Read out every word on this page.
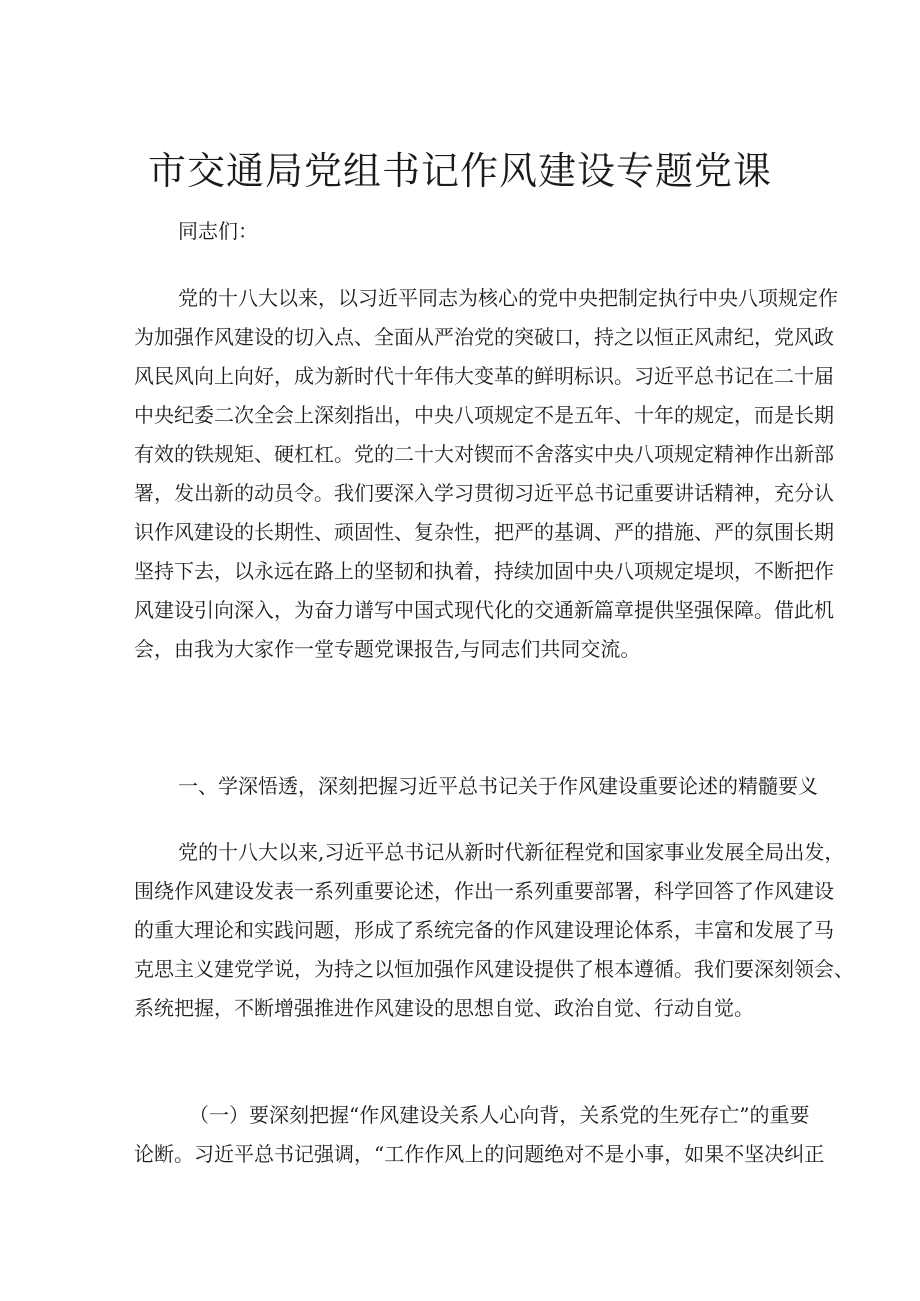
市交通局党组书记作风建设专题党课

同志们：

党的十八大以来，以习近平同志为核心的党中央把制定执行中央八项规定作
为加强作风建设的切入点、全面从严治党的突破口，持之以恒正风肃纪，党风政
风民风向上向好，成为新时代十年伟大变革的鲜明标识。习近平总书记在二十届
中央纪委二次全会上深刻指出，中央八项规定不是五年、十年的规定，而是长期
有效的铁规矩、硬杠杠。党的二十大对锲而不舍落实中央八项规定精神作出新部
署，发出新的动员令。我们要深入学习贯彻习近平总书记重要讲话精神，充分认
识作风建设的长期性、顽固性、复杂性，把严的基调、严的措施、严的氛围长期
坚持下去，以永远在路上的坚韧和执着，持续加固中央八项规定堤坝，不断把作
风建设引向深入，为奋力谱写中国式现代化的交通新篇章提供坚强保障。借此机
会，由我为大家作一堂专题党课报告,与同志们共同交流。

一、学深悟透，深刻把握习近平总书记关于作风建设重要论述的精髓要义

党的十八大以来,习近平总书记从新时代新征程党和国家事业发展全局出发，
围绕作风建设发表一系列重要论述，作出一系列重要部署，科学回答了作风建设
的重大理论和实践问题，形成了系统完备的作风建设理论体系，丰富和发展了马
克思主义建党学说，为持之以恒加强作风建设提供了根本遵循。我们要深刻领会、
系统把握，不断增强推进作风建设的思想自觉、政治自觉、行动自觉。

（一）要深刻把握“作风建设关系人心向背，关系党的生死存亡”的重要
论断。习近平总书记强调，“工作作风上的问题绝对不是小事，如果不坚决纠正
